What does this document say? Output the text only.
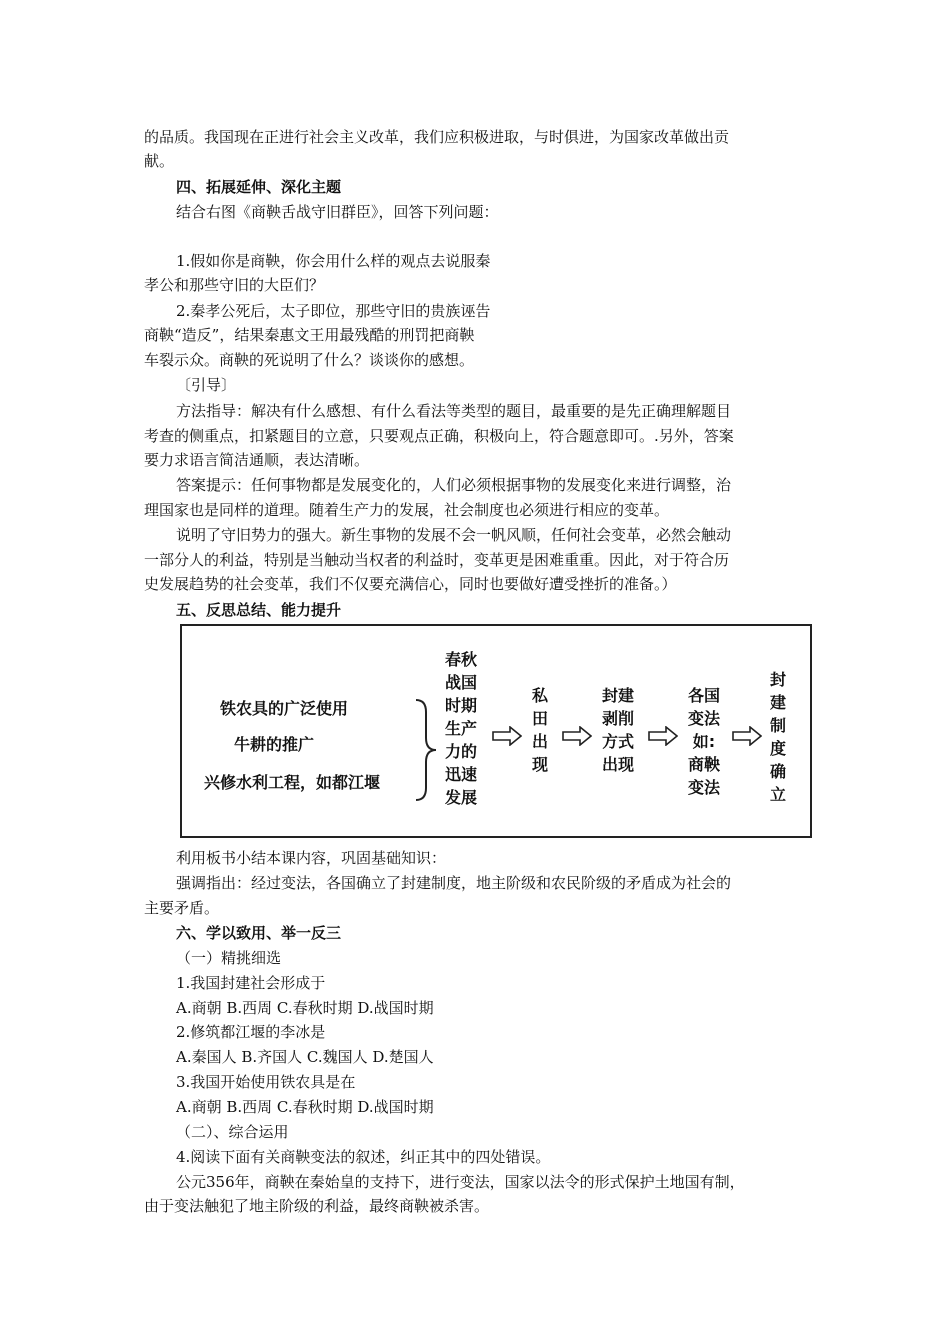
的品质。我国现在正进行社会主义改革，我们应积极进取，与时俱进，为国家改革做出贡
献。
四、拓展延伸、深化主题
结合右图《商鞅舌战守旧群臣》，回答下列问题：
1.假如你是商鞅，你会用什么样的观点去说服秦
孝公和那些守旧的大臣们？
2.秦孝公死后，太子即位，那些守旧的贵族诬告
商鞅“造反”，结果秦惠文王用最残酷的刑罚把商鞅
车裂示众。商鞅的死说明了什么？谈谈你的感想。
〔引导〕
方法指导：解决有什么感想、有什么看法等类型的题目，最重要的是先正确理解题目
考查的侧重点，扣紧题目的立意，只要观点正确，积极向上，符合题意即可。.另外，答案
要力求语言简洁通顺，表达清晰。
答案提示：任何事物都是发展变化的，人们必须根据事物的发展变化来进行调整，治
理国家也是同样的道理。随着生产力的发展，社会制度也必须进行相应的变革。
说明了守旧势力的强大。新生事物的发展不会一帆风顺，任何社会变革，必然会触动
一部分人的利益，特别是当触动当权者的利益时，变革更是困难重重。因此，对于符合历
史发展趋势的社会变革，我们不仅要充满信心，同时也要做好遭受挫折的准备。）
五、反思总结、能力提升
铁农具的广泛使用
牛耕的推广
兴修水利工程，如都江堰
春秋
战国
时期
生产
力的
迅速
发展
私
田
出
现
封建
剥削
方式
出现
各国
变法
如:
商鞅
变法
封
建
制
度
确
立
利用板书小结本课内容，巩固基础知识：
强调指出：经过变法，各国确立了封建制度，地主阶级和农民阶级的矛盾成为社会的
主要矛盾。
六、学以致用、举一反三
（一）精挑细选
1.我国封建社会形成于
A.商朝 B.西周 C.春秋时期 D.战国时期
2.修筑都江堰的李冰是
A.秦国人 B.齐国人 C.魏国人 D.楚国人
3.我国开始使用铁农具是在
A.商朝 B.西周 C.春秋时期 D.战国时期
（二）、综合运用
4.阅读下面有关商鞅变法的叙述，纠正其中的四处错误。
公元356年，商鞅在秦始皇的支持下，进行变法，国家以法令的形式保护土地国有制，
由于变法触犯了地主阶级的利益，最终商鞅被杀害。
